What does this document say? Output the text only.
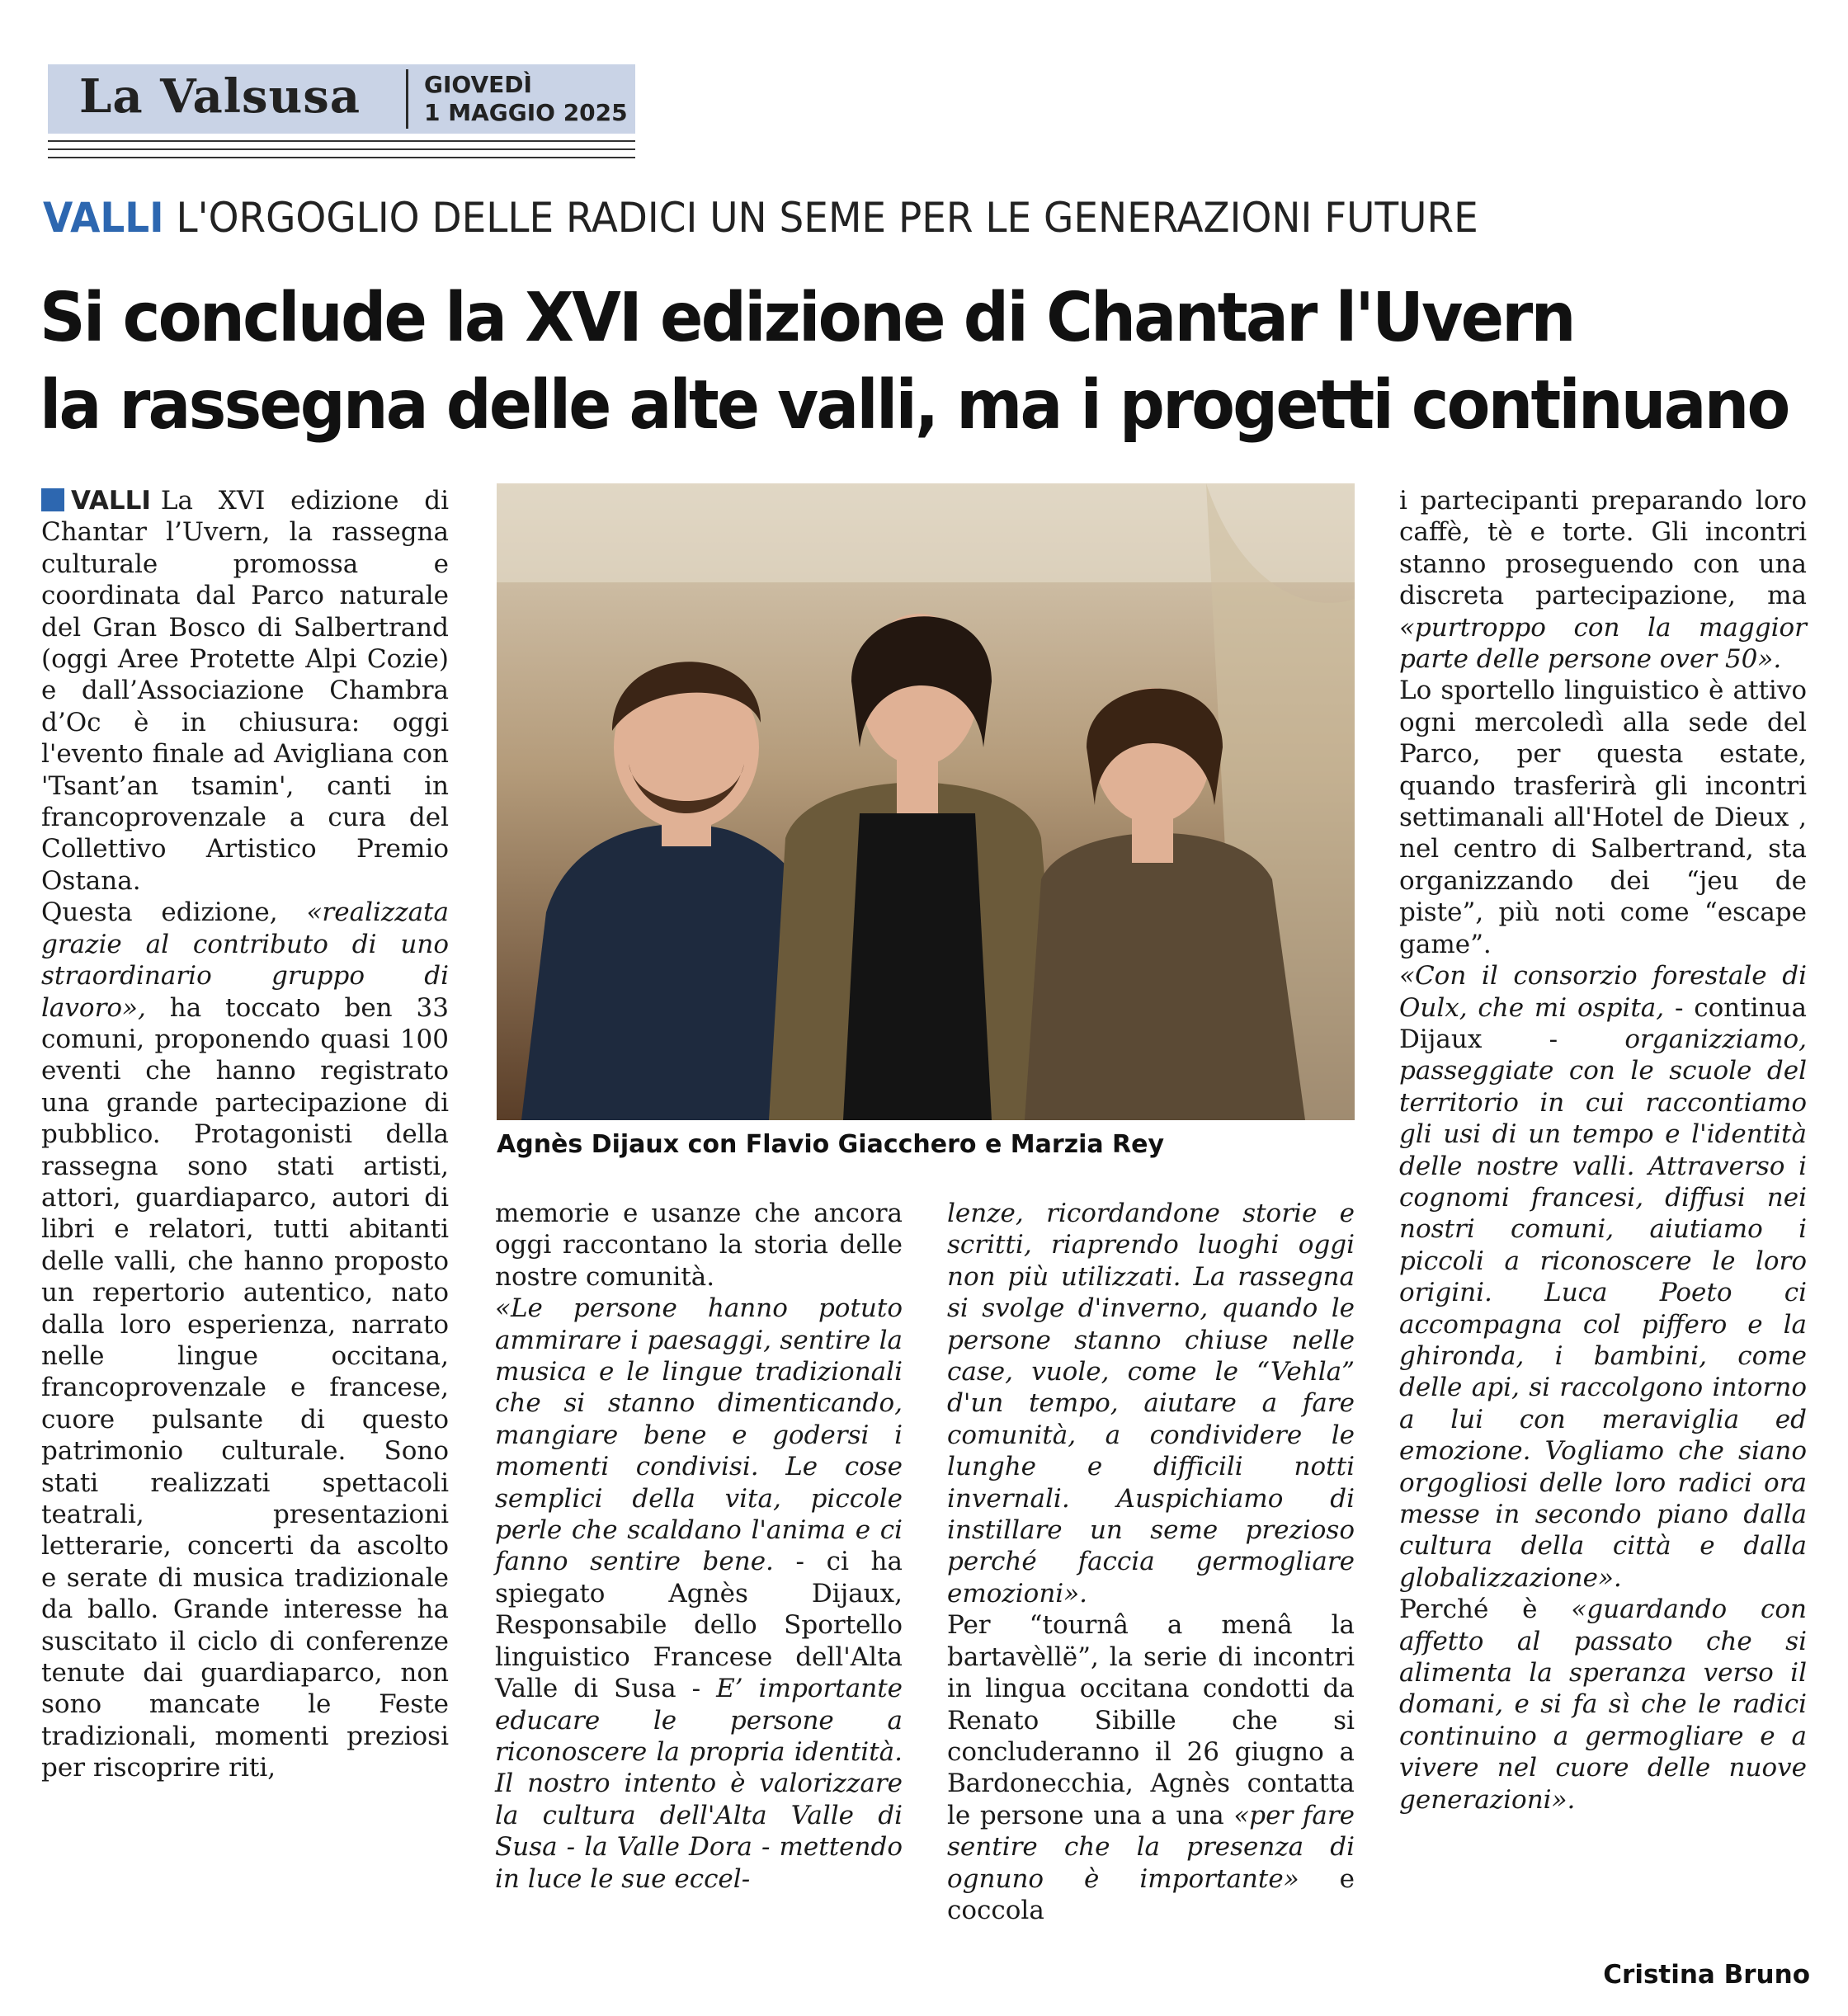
La Valsusa	GIOVEDÌ
1 MAGGIO 2025
VALLI L'ORGOGLIO DELLE RADICI UN SEME PER LE GENERAZIONI FUTURE
Si conclude la XVI edizione di Chantar l'Uvern
la rassegna delle alte valli, ma i progetti continuano

VALLI La XVI edizione di Chantar l’Uvern, la rassegna culturale promossa e coordinata dal Parco naturale del Gran Bosco di Salbertrand (oggi Aree Protette Alpi Cozie) e dall’Associazione Chambra d’Oc è in chiusura: oggi l'evento finale ad Avigliana con 'Tsant’an tsamin', canti in francoprovenzale a cura del Collettivo Artistico Premio Ostana.

Questa edizione, «realizzata grazie al contributo di uno straordinario gruppo di lavoro», ha toccato ben 33 comuni, proponendo quasi 100 eventi che hanno registrato una grande partecipazione di pubblico. Protagonisti della rassegna sono stati artisti, attori, guardiaparco, autori di libri e relatori, tutti abitanti delle valli, che hanno proposto un repertorio autentico, nato dalla loro esperienza, narrato nelle lingue occitana, francoprovenzale e francese, cuore pulsante di questo patrimonio culturale. Sono stati realizzati spettacoli teatrali, presentazioni letterarie, concerti da ascolto e serate di musica tradizionale da ballo. Grande interesse ha suscitato il ciclo di conferenze tenute dai guardiaparco, non sono mancate le Feste tradizionali, momenti preziosi per riscoprire riti,

Agnès Dijaux con Flavio Giacchero e Marzia Rey

memorie e usanze che ancora oggi raccontano la storia delle nostre comunità.

«Le persone hanno potuto ammirare i paesaggi, sentire la musica e le lingue tradizionali che si stanno dimenticando, mangiare bene e godersi i momenti condivisi. Le cose semplici della vita, piccole perle che scaldano l'anima e ci fanno sentire bene. - ci ha spiegato Agnès Dijaux, Responsabile dello Sportello linguistico Francese dell'Alta Valle di Susa - E’ importante educare le persone a riconoscere la propria identità. Il nostro intento è valorizzare la cultura dell'Alta Valle di Susa - la Valle Dora - mettendo in luce le sue eccel-

lenze, ricordandone storie e scritti, riaprendo luoghi oggi non più utilizzati. La rassegna si svolge d'inverno, quando le persone stanno chiuse nelle case, vuole, come le “Vehla” d'un tempo, aiutare a fare comunità, a condividere le lunghe e difficili notti invernali. Auspichiamo di instillare un seme prezioso perché faccia germogliare emozioni».

Per “tournâ a menâ la bartavèllë”, la serie di incontri in lingua occitana condotti da Renato Sibille che si concluderanno il 26 giugno a Bardonecchia, Agnès contatta le persone una a una «per fare sentire che la presenza di ognuno è importante» e coccola

i partecipanti preparando loro caffè, tè e torte. Gli incontri stanno proseguendo con una discreta partecipazione, ma «purtroppo con la maggior parte delle persone over 50».

Lo sportello linguistico è attivo ogni mercoledì alla sede del Parco, per questa estate, quando trasferirà gli incontri settimanali all'Hotel de Dieux , nel centro di Salbertrand, sta organizzando dei “jeu de piste”, più noti come “escape game”.

«Con il consorzio forestale di Oulx, che mi ospita, - continua Dijaux - organizziamo, passeggiate con le scuole del territorio in cui raccontiamo gli usi di un tempo e l'identità delle nostre valli. Attraverso i cognomi francesi, diffusi nei nostri comuni, aiutiamo i piccoli a riconoscere le loro origini. Luca Poeto ci accompagna col piffero e la ghironda, i bambini, come delle api, si raccolgono intorno a lui con meraviglia ed emozione. Vogliamo che siano orgogliosi delle loro radici ora messe in secondo piano dalla cultura della città e dalla globalizzazione».

Perché è «guardando con affetto al passato che si alimenta la speranza verso il domani, e si fa sì che le radici continuino a germogliare e a vivere nel cuore delle nuove generazioni».

Cristina Bruno
